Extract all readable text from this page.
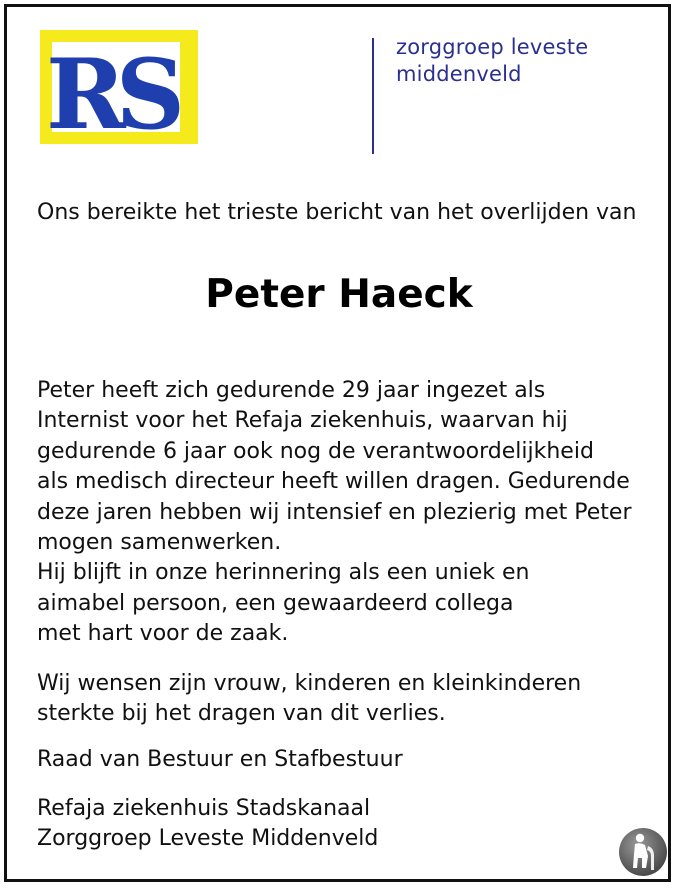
RS	zorggroep leveste
middenveld
Ons bereikte het trieste bericht van het overlijden van
Peter Haeck
Peter heeft zich gedurende 29 jaar ingezet als
Internist voor het Refaja ziekenhuis, waarvan hij
gedurende 6 jaar ook nog de verantwoordelijkheid
als medisch directeur heeft willen dragen. Gedurende
deze jaren hebben wij intensief en plezierig met Peter
mogen samenwerken.
Hij blijft in onze herinnering als een uniek en
aimabel persoon, een gewaardeerd collega
met hart voor de zaak.
Wij wensen zijn vrouw, kinderen en kleinkinderen
sterkte bij het dragen van dit verlies.
Raad van Bestuur en Stafbestuur
Refaja ziekenhuis Stadskanaal
Zorggroep Leveste Middenveld
